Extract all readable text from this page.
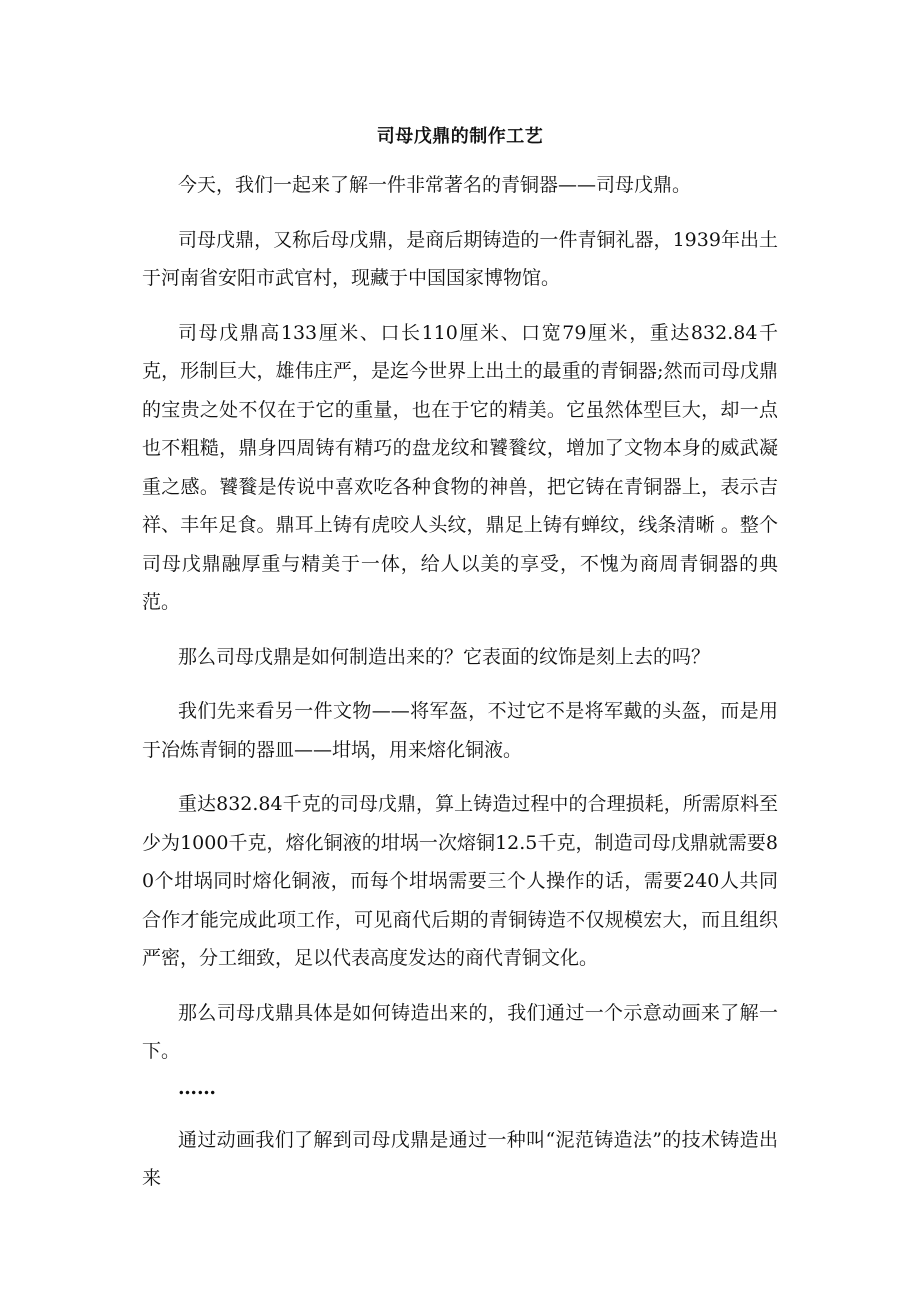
司母戊鼎的制作工艺

今天，我们一起来了解一件非常著名的青铜器——司母戊鼎。

司母戊鼎，又称后母戊鼎，是商后期铸造的一件青铜礼器，1939年出土于河南省安阳市武官村，现藏于中国国家博物馆。

司母戊鼎高133厘米、口长110厘米、口宽79厘米，重达832.84千克，形制巨大，雄伟庄严，是迄今世界上出土的最重的青铜器;然而司母戊鼎的宝贵之处不仅在于它的重量，也在于它的精美。它虽然体型巨大，却一点也不粗糙，鼎身四周铸有精巧的盘龙纹和饕餮纹，增加了文物本身的威武凝重之感。饕餮是传说中喜欢吃各种食物的神兽，把它铸在青铜器上，表示吉祥、丰年足食。鼎耳上铸有虎咬人头纹，鼎足上铸有蝉纹，线条清晰 。整个司母戊鼎融厚重与精美于一体，给人以美的享受，不愧为商周青铜器的典范。

那么司母戊鼎是如何制造出来的？它表面的纹饰是刻上去的吗？

我们先来看另一件文物——将军盔，不过它不是将军戴的头盔，而是用于冶炼青铜的器皿——坩埚，用来熔化铜液。

重达832.84千克的司母戊鼎，算上铸造过程中的合理损耗，所需原料至少为1000千克，熔化铜液的坩埚一次熔铜12.5千克，制造司母戊鼎就需要80个坩埚同时熔化铜液，而每个坩埚需要三个人操作的话，需要240人共同合作才能完成此项工作，可见商代后期的青铜铸造不仅规模宏大，而且组织严密，分工细致，足以代表高度发达的商代青铜文化。

那么司母戊鼎具体是如何铸造出来的，我们通过一个示意动画来了解一下。

……

通过动画我们了解到司母戊鼎是通过一种叫“泥范铸造法”的技术铸造出来
